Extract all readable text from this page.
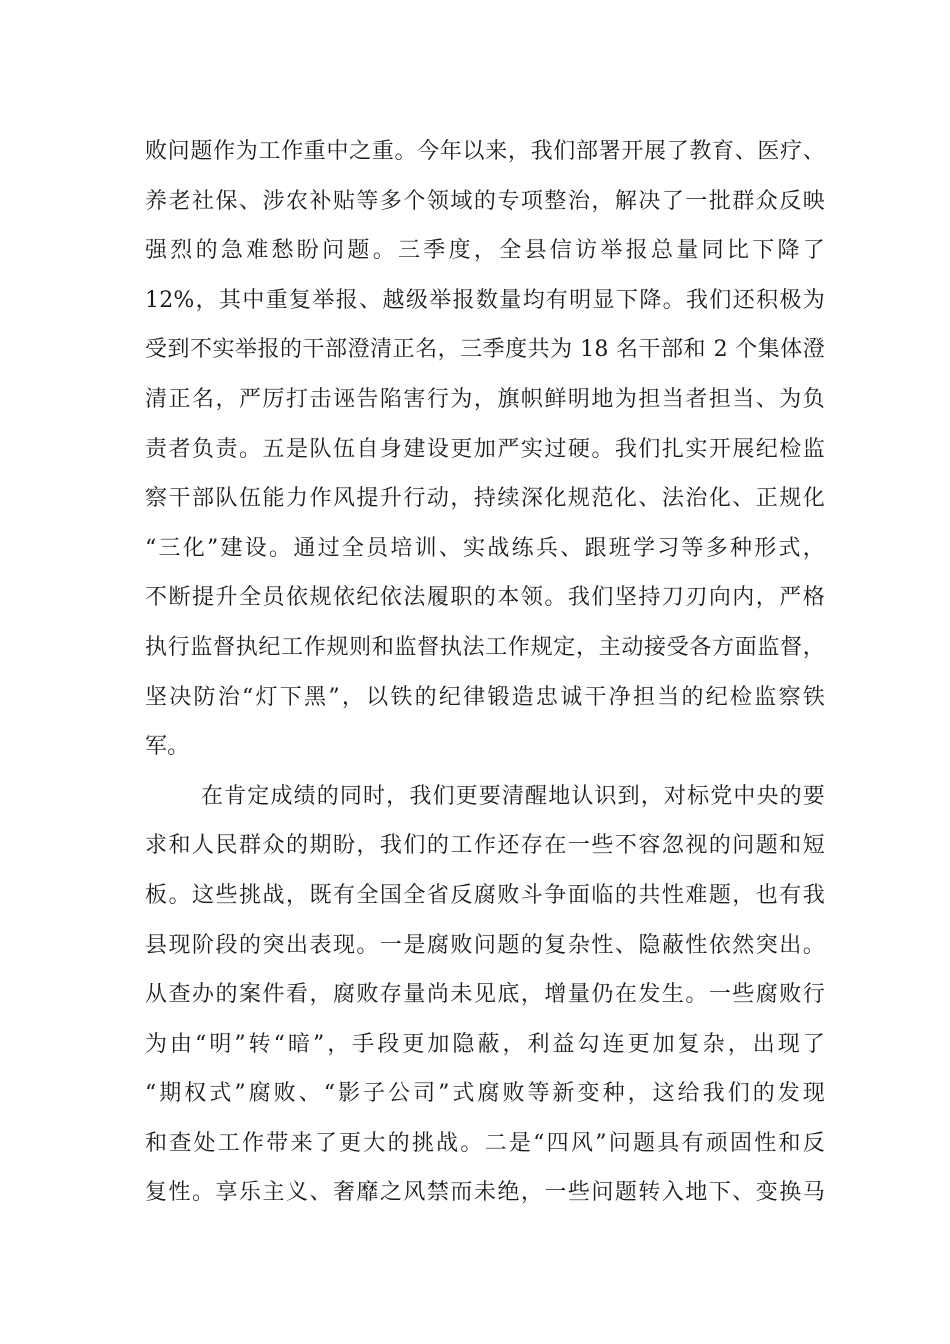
败问题作为工作重中之重。今年以来，我们部署开展了教育、医疗、
养老社保、涉农补贴等多个领域的专项整治，解决了一批群众反映
强烈的急难愁盼问题。三季度，全县信访举报总量同比下降了
12%，其中重复举报、越级举报数量均有明显下降。我们还积极为
受到不实举报的干部澄清正名，三季度共为 18 名干部和 2 个集体澄
清正名，严厉打击诬告陷害行为，旗帜鲜明地为担当者担当、为负
责者负责。五是队伍自身建设更加严实过硬。我们扎实开展纪检监
察干部队伍能力作风提升行动，持续深化规范化、法治化、正规化
“三化”建设。通过全员培训、实战练兵、跟班学习等多种形式，
不断提升全员依规依纪依法履职的本领。我们坚持刀刃向内，严格
执行监督执纪工作规则和监督执法工作规定，主动接受各方面监督，
坚决防治“灯下黑”，以铁的纪律锻造忠诚干净担当的纪检监察铁
军。
在肯定成绩的同时，我们更要清醒地认识到，对标党中央的要
求和人民群众的期盼，我们的工作还存在一些不容忽视的问题和短
板。这些挑战，既有全国全省反腐败斗争面临的共性难题，也有我
县现阶段的突出表现。一是腐败问题的复杂性、隐蔽性依然突出。
从查办的案件看，腐败存量尚未见底，增量仍在发生。一些腐败行
为由“明”转“暗”，手段更加隐蔽，利益勾连更加复杂，出现了
“期权式”腐败、“影子公司”式腐败等新变种，这给我们的发现
和查处工作带来了更大的挑战。二是“四风”问题具有顽固性和反
复性。享乐主义、奢靡之风禁而未绝，一些问题转入地下、变换马
